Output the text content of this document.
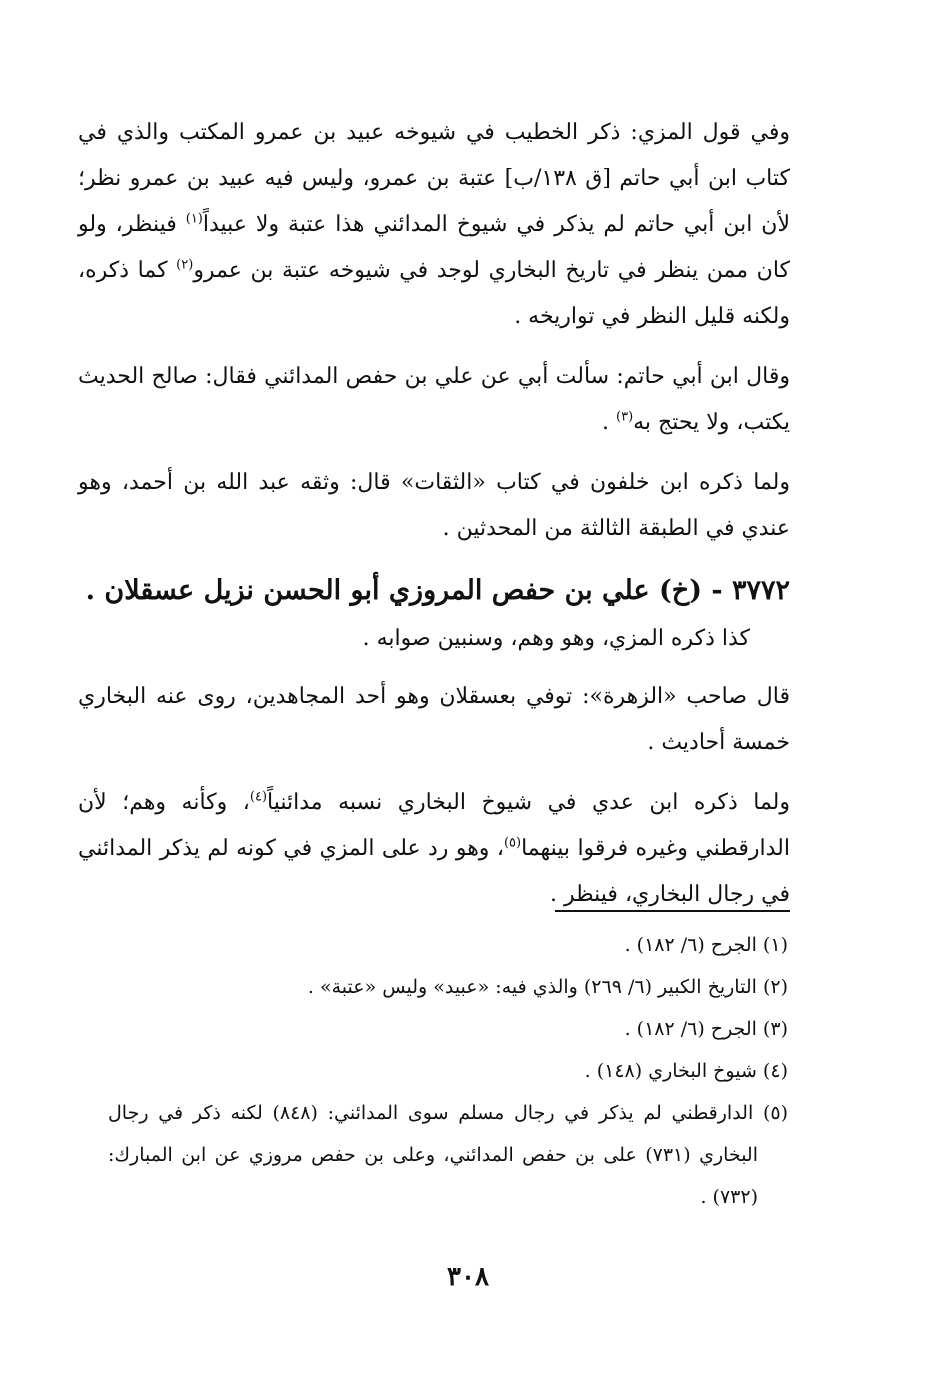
وفي قول المزي: ذكر الخطيب في شيوخه عبيد بن عمرو المكتب والذي في كتاب ابن أبي حاتم [ق ١٣٨/ب] عتبة بن عمرو، وليس فيه عبيد بن عمرو نظر؛ لأن ابن أبي حاتم لم يذكر في شيوخ المدائني هذا عتبة ولا عبيداً$^{(١)}$ فينظر، ولو كان ممن ينظر في تاريخ البخاري لوجد في شيوخه عتبة بن عمرو$^{(٢)}$ كما ذكره، ولكنه قليل النظر في تواريخه .

وقال ابن أبي حاتم: سألت أبي عن علي بن حفص المدائني فقال: صالح الحديث يكتب، ولا يحتج به$^{(٣)}$ .

ولما ذكره ابن خلفون في كتاب «الثقات» قال: وثقه عبد الله بن أحمد، وهو عندي في الطبقة الثالثة من المحدثين .

٣٧٧٢ - (خ) علي بن حفص المروزي أبو الحسن نزيل عسقلان .
كذا ذكره المزي، وهو وهم، وسنبين صوابه .

قال صاحب «الزهرة»: توفي بعسقلان وهو أحد المجاهدين، روى عنه البخاري خمسة أحاديث .

ولما ذكره ابن عدي في شيوخ البخاري نسبه مدائنياً$^{(٤)}$، وكأنه وهم؛ لأن الدارقطني وغيره فرقوا بينهما$^{(٥)}$، وهو رد على المزي في كونه لم يذكر المدائني في رجال البخاري، فينظر .

(١) الجرح (٦/ ١٨٢) .

(٢) التاريخ الكبير (٦/ ٢٦٩) والذي فيه: «عبيد» وليس «عتبة» .

(٣) الجرح (٦/ ١٨٢) .

(٤) شيوخ البخاري (١٤٨) .

(٥) الدارقطني لم يذكر في رجال مسلم سوى المدائني: (٨٤٨) لكنه ذكر في رجال البخاري (٧٣١) على بن حفص المدائني، وعلى بن حفص مروزي عن ابن المبارك: (٧٣٢) .

٣٠٨
